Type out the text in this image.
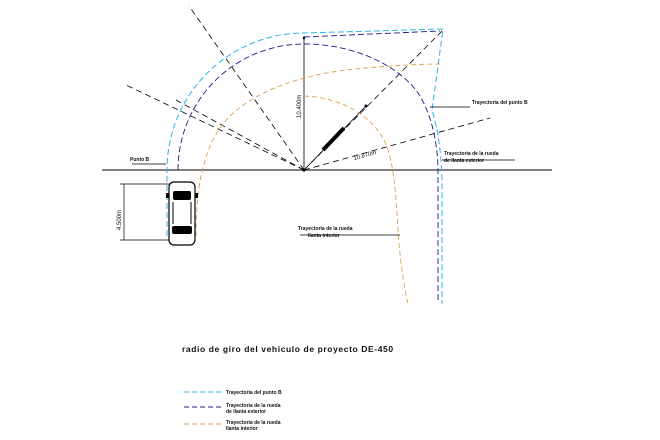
10.400m
10.870m
4.500m
Punto B
Trayectoria del punto B
Trayectoria de la rueda
de llanta exterior
Trayectoria de la rueda
llanta interior
radio de giro del vehiculo de proyecto DE-450
Trayectoria del punto B
Trayectoria de la rueda
de llanta exterior
Trayectoria de la rueda
llanta interior
